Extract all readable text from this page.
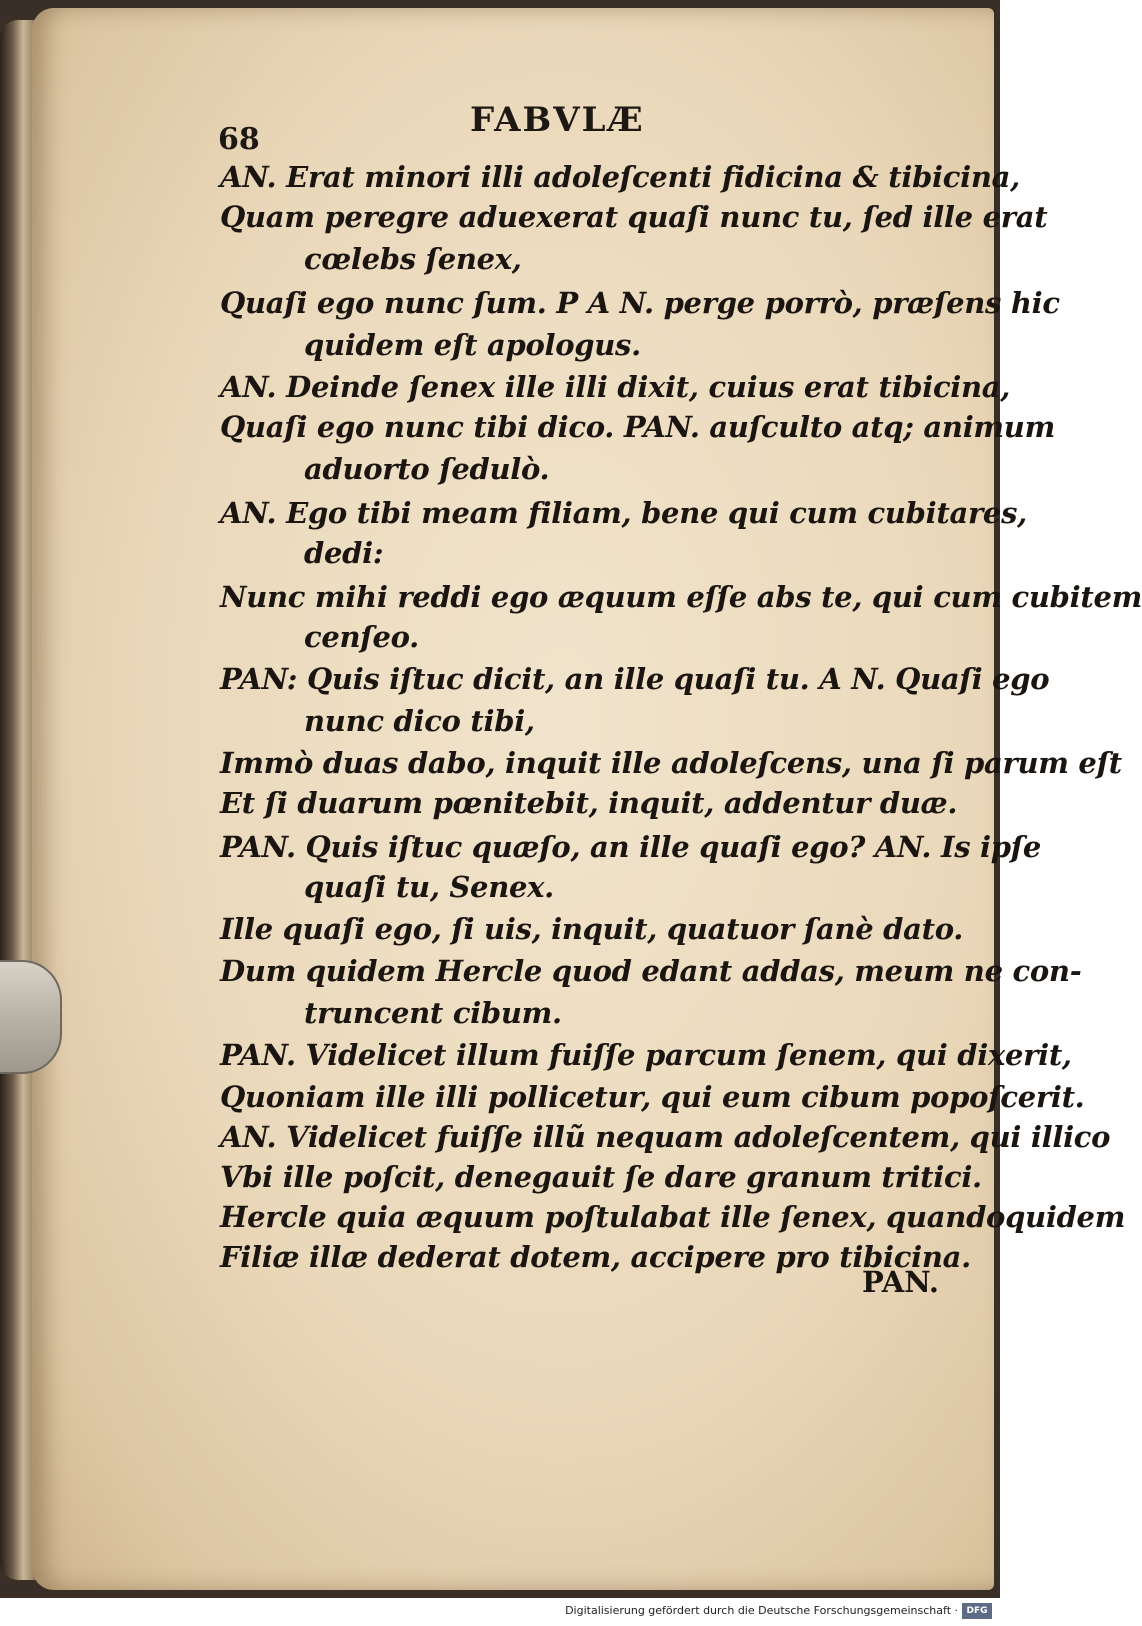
68	FABVLÆ
AN. Erat minori illi adoleſcenti fidicina & tibicina,
Quam peregre aduexerat quaſi nunc tu, ſed ille erat
cœlebs ſenex,
Quaſi ego nunc ſum. P A N. perge porrò, præſens hic
quidem eſt apologus.
AN. Deinde ſenex ille illi dixit, cuius erat tibicina,
Quaſi ego nunc tibi dico. PAN. auſculto atq; animum
aduorto ſedulò.
AN. Ego tibi meam filiam, bene qui cum cubitares,
dedi:
Nunc mihi reddi ego æquum eſſe abs te, qui cum cubitem
cenſeo.
PAN: Quis iſtuc dicit, an ille quaſi tu. A N. Quaſi ego
nunc dico tibi,
Immò duas dabo, inquit ille adoleſcens, una ſi parum eſt
Et ſi duarum pœnitebit, inquit, addentur duæ.
PAN. Quis iſtuc quæſo, an ille quaſi ego? AN. Is ipſe
quaſi tu, Senex.
Ille quaſi ego, ſi uis, inquit, quatuor ſanè dato.
Dum quidem Hercle quod edant addas, meum ne con-
truncent cibum.
PAN. Videlicet illum fuiſſe parcum ſenem, qui dixerit,
Quoniam ille illi pollicetur, qui eum cibum popoſcerit.
AN. Videlicet fuiſſe illũ nequam adoleſcentem, qui illico
Vbi ille poſcit, denegauit ſe dare granum tritici.
Hercle quia æquum poſtulabat ille ſenex, quandoquidem
Filiæ illæ dederat dotem, accipere pro tibicina.
PAN.
Digitalisierung gefördert durch die Deutsche Forschungsgemeinschaft · DFG
